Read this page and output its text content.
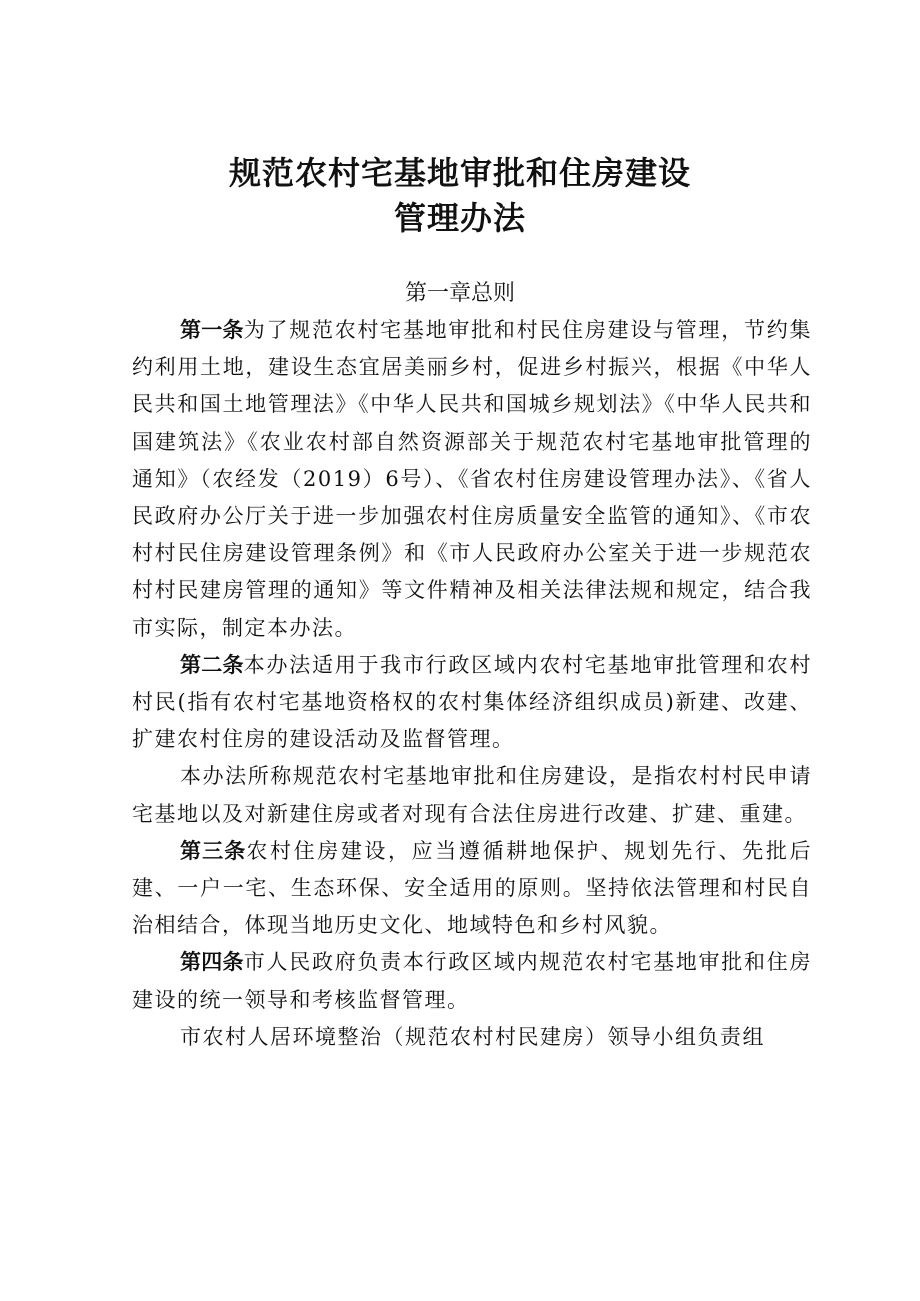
规范农村宅基地审批和住房建设
管理办法
第一章总则

第一条为了规范农村宅基地审批和村民住房建设与管理，节约集约利用土地，建设生态宜居美丽乡村，促进乡村振兴，根据《中华人民共和国土地管理法》《中华人民共和国城乡规划法》《中华人民共和国建筑法》《农业农村部自然资源部关于规范农村宅基地审批管理的通知》（农经发（2019）6号）、《省农村住房建设管理办法》、《省人民政府办公厅关于进一步加强农村住房质量安全监管的通知》、《市农村村民住房建设管理条例》和《市人民政府办公室关于进一步规范农村村民建房管理的通知》等文件精神及相关法律法规和规定，结合我市实际，制定本办法。

第二条本办法适用于我市行政区域内农村宅基地审批管理和农村村民(指有农村宅基地资格权的农村集体经济组织成员)新建、改建、扩建农村住房的建设活动及监督管理。

本办法所称规范农村宅基地审批和住房建设，是指农村村民申请宅基地以及对新建住房或者对现有合法住房进行改建、扩建、重建。

第三条农村住房建设，应当遵循耕地保护、规划先行、先批后建、一户一宅、生态环保、安全适用的原则。坚持依法管理和村民自治相结合，体现当地历史文化、地域特色和乡村风貌。

第四条市人民政府负责本行政区域内规范农村宅基地审批和住房建设的统一领导和考核监督管理。

市农村人居环境整治（规范农村村民建房）领导小组负责组
